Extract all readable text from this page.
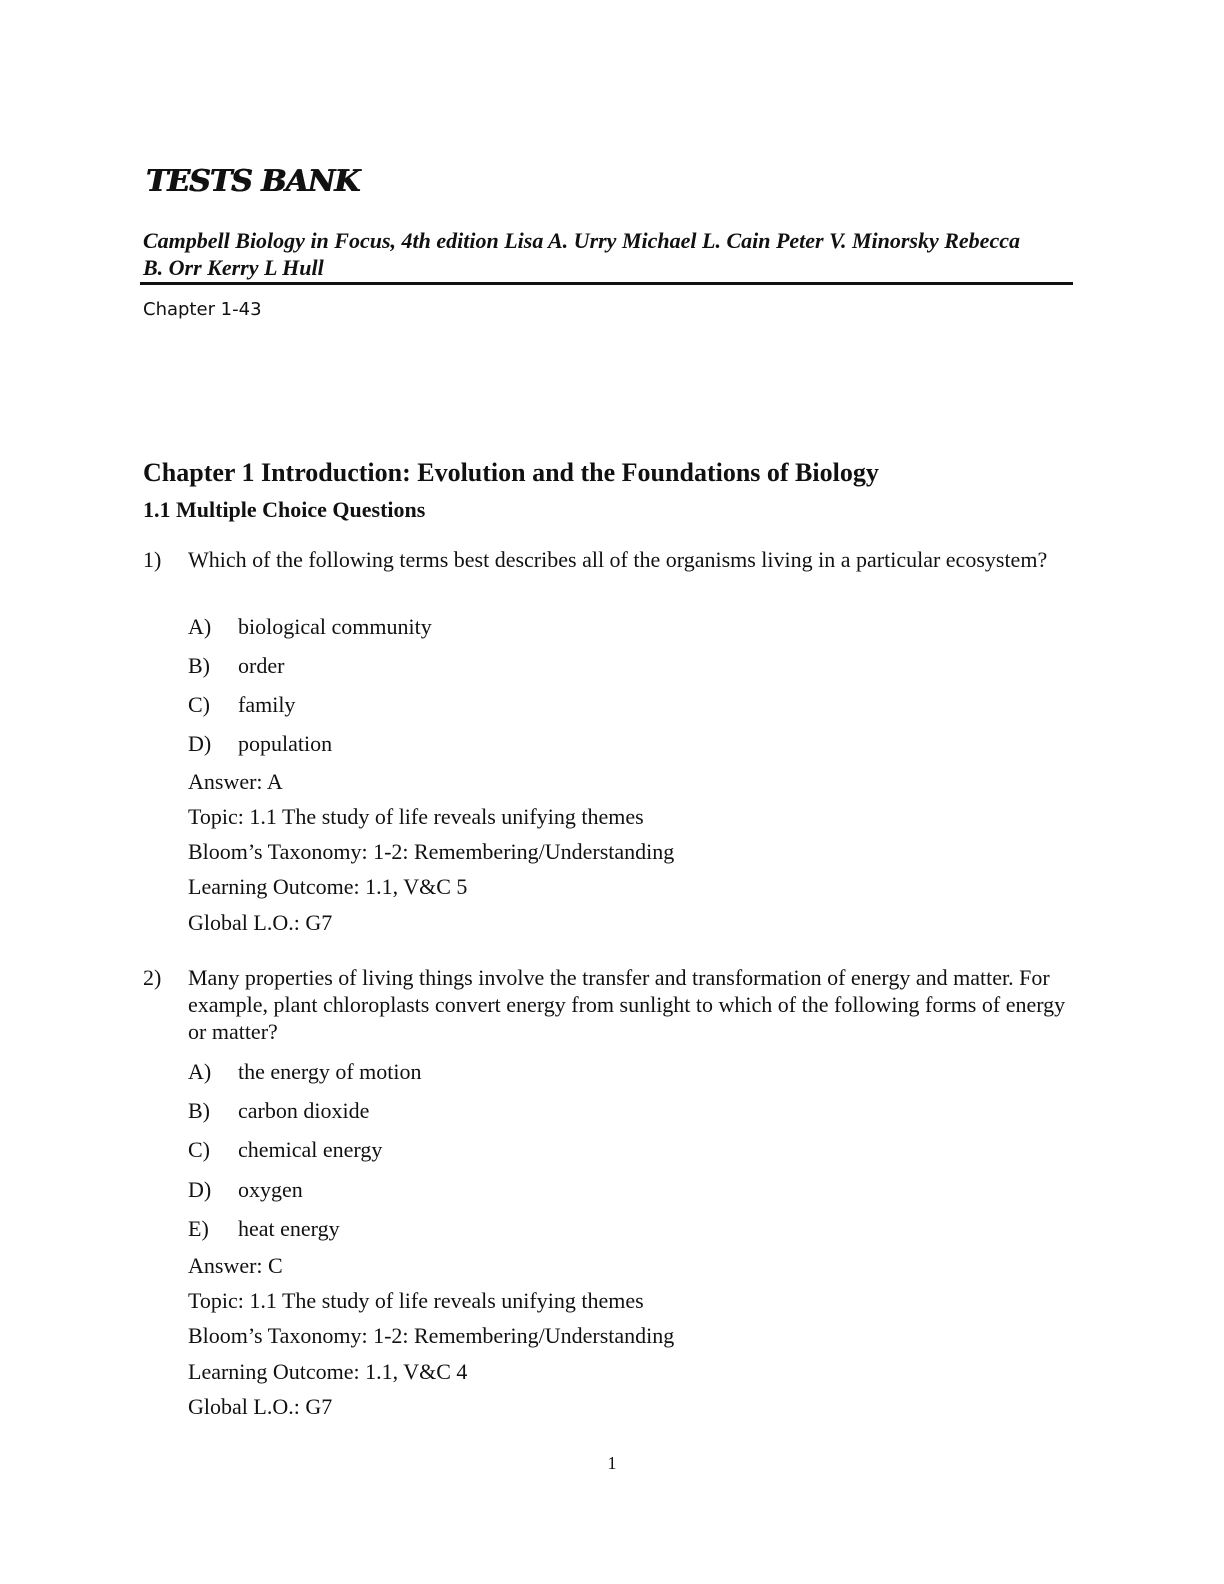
TESTS BANK

Campbell Biology in Focus, 4th edition Lisa A. Urry Michael L. Cain Peter V. Minorsky Rebecca B. Orr Kerry L Hull

Chapter 1-43

Chapter 1 Introduction: Evolution and the Foundations of Biology
1.1 Multiple Choice Questions
1)	Which of the following terms best describes all of the organisms living in a particular ecosystem?
A) biological community
B) order
C) family
D) population
Answer: A
Topic: 1.1 The study of life reveals unifying themes
Bloom’s Taxonomy: 1-2: Remembering/Understanding
Learning Outcome: 1.1, V&C 5
Global L.O.: G7
2)	Many properties of living things involve the transfer and transformation of energy and matter. For example, plant chloroplasts convert energy from sunlight to which of the following forms of energy or matter?
A) the energy of motion
B) carbon dioxide
C) chemical energy
D) oxygen
E) heat energy
Answer: C
Topic: 1.1 The study of life reveals unifying themes
Bloom’s Taxonomy: 1-2: Remembering/Understanding
Learning Outcome: 1.1, V&C 4
Global L.O.: G7
1
